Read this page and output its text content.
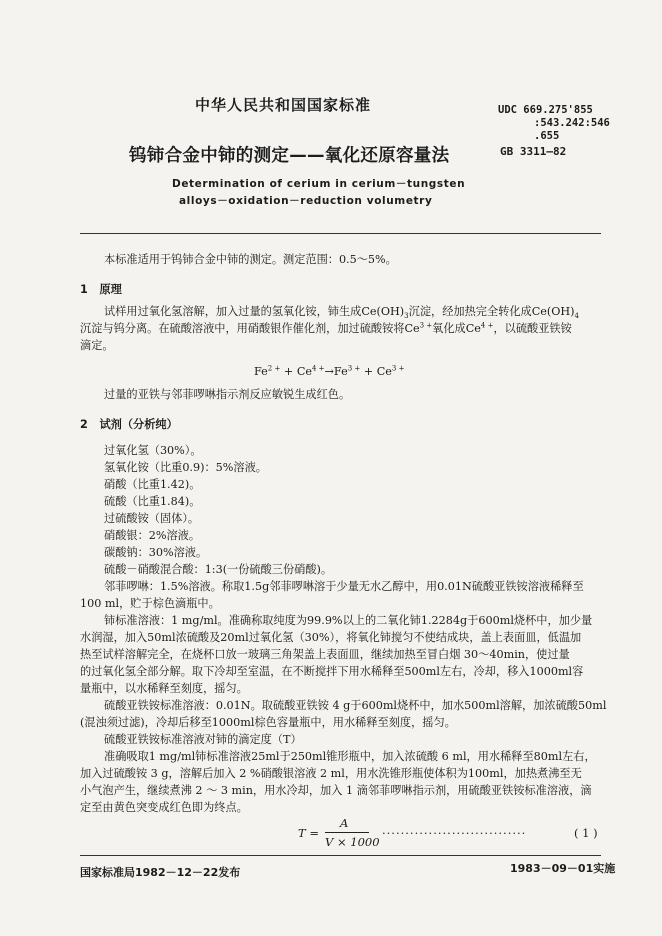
中华人民共和国国家标准	UDC 669.275'855
:543.242:546
.655
GB 3311—82
钨铈合金中铈的测定——氧化还原容量法
Determination of cerium in cerium－tungsten
alloys－oxidation－reduction volumetry
本标准适用于钨铈合金中铈的测定。测定范围：0.5～5%。
1 原理
试样用过氧化氢溶解，加入过量的氢氧化铵，铈生成$Ce(OH)_3$沉淀，经加热完全转化成$Ce(OH)_4$
沉淀与钨分离。在硫酸溶液中，用硝酸银作催化剂，加过硫酸铵将$Ce^{3 +}$氧化成$Ce^{4 +}$，以硫酸亚铁铵
滴定。
$Fe^{2 +} + Ce^{4 +}\to Fe^{3 +} + Ce^{3 +}$
过量的亚铁与邻菲啰啉指示剂反应敏锐生成红色。
2 试剂（分析纯）
过氧化氢（30%）。
氢氧化铵（比重0.9)：5%溶液。
硝酸（比重1.42)。
硫酸（比重1.84)。
过硫酸铵（固体）。
硝酸银：2%溶液。
碳酸钠：30%溶液。
硫酸－硝酸混合酸：1:3(一份硫酸三份硝酸)。
邻菲啰啉：1.5%溶液。称取1.5g邻菲啰啉溶于少量无水乙醇中，用0.01N硫酸亚铁铵溶液稀释至
100 ml，贮于棕色滴瓶中。
铈标准溶液：1 mg/ml。准确称取纯度为99.9%以上的二氧化铈1.2284g于600ml烧杯中，加少量
水润湿，加入50ml浓硫酸及20ml过氧化氢（30%），将氧化铈搅匀不使结成块，盖上表面皿，低温加
热至试样溶解完全，在烧杯口放一玻璃三角架盖上表面皿，继续加热至冒白烟 30～40min，使过量
的过氧化氢全部分解。取下冷却至室温，在不断搅拌下用水稀释至500ml左右，冷却，移入1000ml容
量瓶中，以水稀释至刻度，摇匀。
硫酸亚铁铵标准溶液：0.01N。取硫酸亚铁铵 4 g于600ml烧杯中，加水500ml溶解，加浓硫酸50ml
(混浊须过滤)，冷却后移至1000ml棕色容量瓶中，用水稀释至刻度，摇匀。
硫酸亚铁铵标准溶液对铈的滴定度（T）
准确吸取1 mg/ml铈标准溶液25ml于250ml锥形瓶中，加入浓硫酸 6 ml，用水稀释至80ml左右，
加入过硫酸铵 3 g，溶解后加入 2 %硝酸银溶液 2 ml，用水洗锥形瓶使体积为100ml，加热煮沸至无
小气泡产生，继续煮沸 2 ～ 3 min，用水冷却，加入 1 滴邻菲啰啉指示剂，用硫酸亚铁铵标准溶液，滴
定至由黄色突变成红色即为终点。
T =
A
V × 1000
·······························	( 1 )
国家标准局1982－12－22发布	1983－09－01实施
